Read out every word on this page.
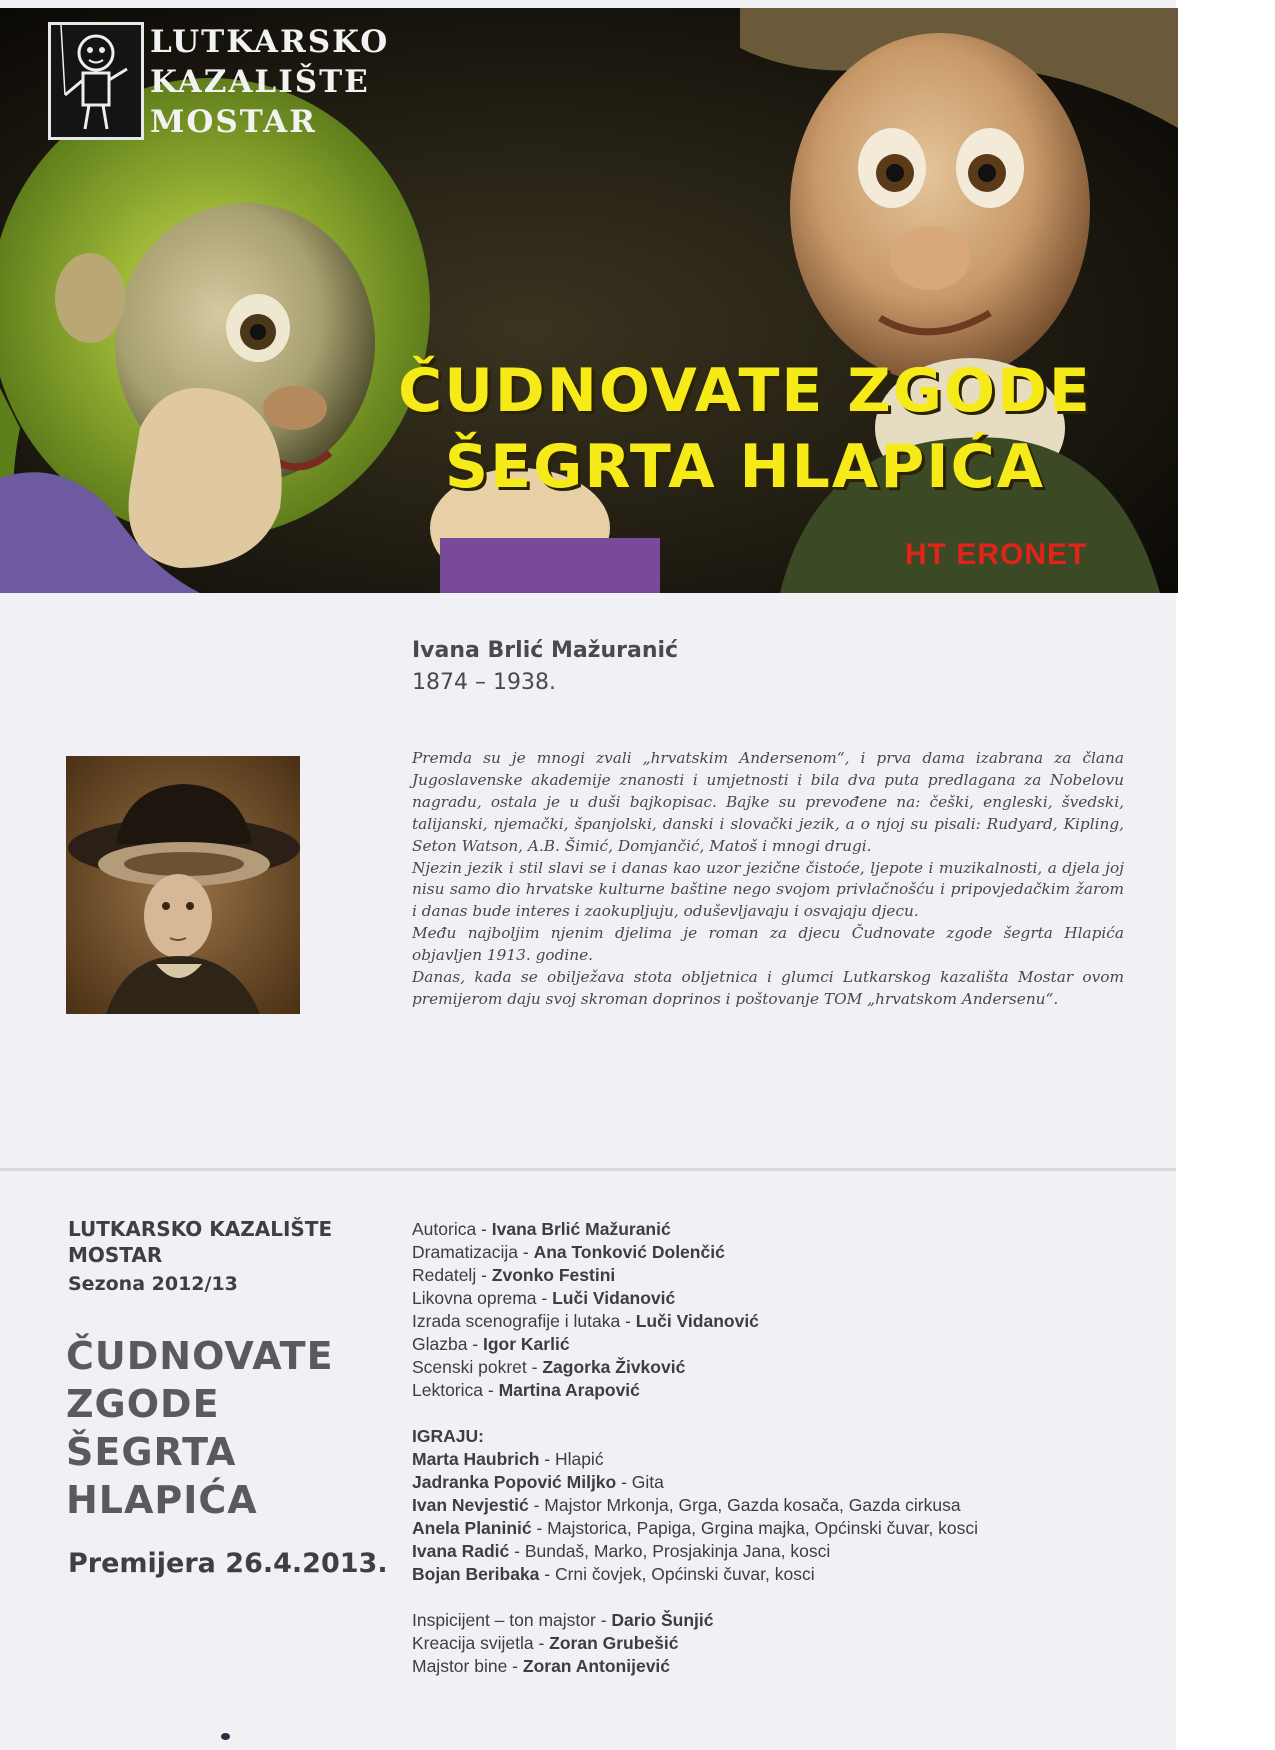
LUTKARSKO
KAZALIŠTE
MOSTAR
ČUDNOVATE ZGODE
ŠEGRTA HLAPIĆA
HT ERONET
Ivana Brlić Mažuranić
1874 – 1938.

Premda su je mnogi zvali „hrvatskim Andersenom“, i prva dama izabrana za člana Jugoslavenske akademije znanosti i umjetnosti i bila dva puta predlagana za Nobelovu nagradu, ostala je u duši bajkopisac. Bajke su prevođene na: češki, engleski, švedski, talijanski, njemački, španjolski, danski i slovački jezik, a o njoj su pisali: Rudyard, Kipling, Seton Watson, A.B. Šimić, Domjančić, Matoš i mnogi drugi.

Njezin jezik i stil slavi se i danas kao uzor jezične čistoće, ljepote i muzikalnosti, a djela joj nisu samo dio hrvatske kulturne baštine nego svojom privlačnošću i pripovjedačkim žarom i danas bude interes i zaokupljuju, oduševljavaju i osvajaju djecu.

Među najboljim njenim djelima je roman za djecu Čudnovate zgode šegrta Hlapića objavljen 1913. godine.

Danas, kada se obilježava stota obljetnica i glumci Lutkarskog kazališta Mostar ovom premijerom daju svoj skroman doprinos i poštovanje TOM „hrvatskom Andersenu“.

LUTKARSKO KAZALIŠTE MOSTAR
Sezona 2012/13
ČUDNOVATE
ZGODE
ŠEGRTA
HLAPIĆA
Premijera 26.4.2013.
Autorica - Ivana Brlić Mažuranić
Dramatizacija - Ana Tonković Dolenčić
Redatelj - Zvonko Festini
Likovna oprema - Luči Vidanović
Izrada scenografije i lutaka - Luči Vidanović
Glazba - Igor Karlić
Scenski pokret - Zagorka Živković
Lektorica - Martina Arapović
IGRAJU:
Marta Haubrich - Hlapić
Jadranka Popović Miljko - Gita
Ivan Nevjestić - Majstor Mrkonja, Grga, Gazda kosača, Gazda cirkusa
Anela Planinić - Majstorica, Papiga, Grgina majka, Općinski čuvar, kosci
Ivana Radić - Bundaš, Marko, Prosjakinja Jana, kosci
Bojan Beribaka - Crni čovjek, Općinski čuvar, kosci
Inspicijent – ton majstor - Dario Šunjić
Kreacija svijetla - Zoran Grubešić
Majstor bine - Zoran Antonijević
